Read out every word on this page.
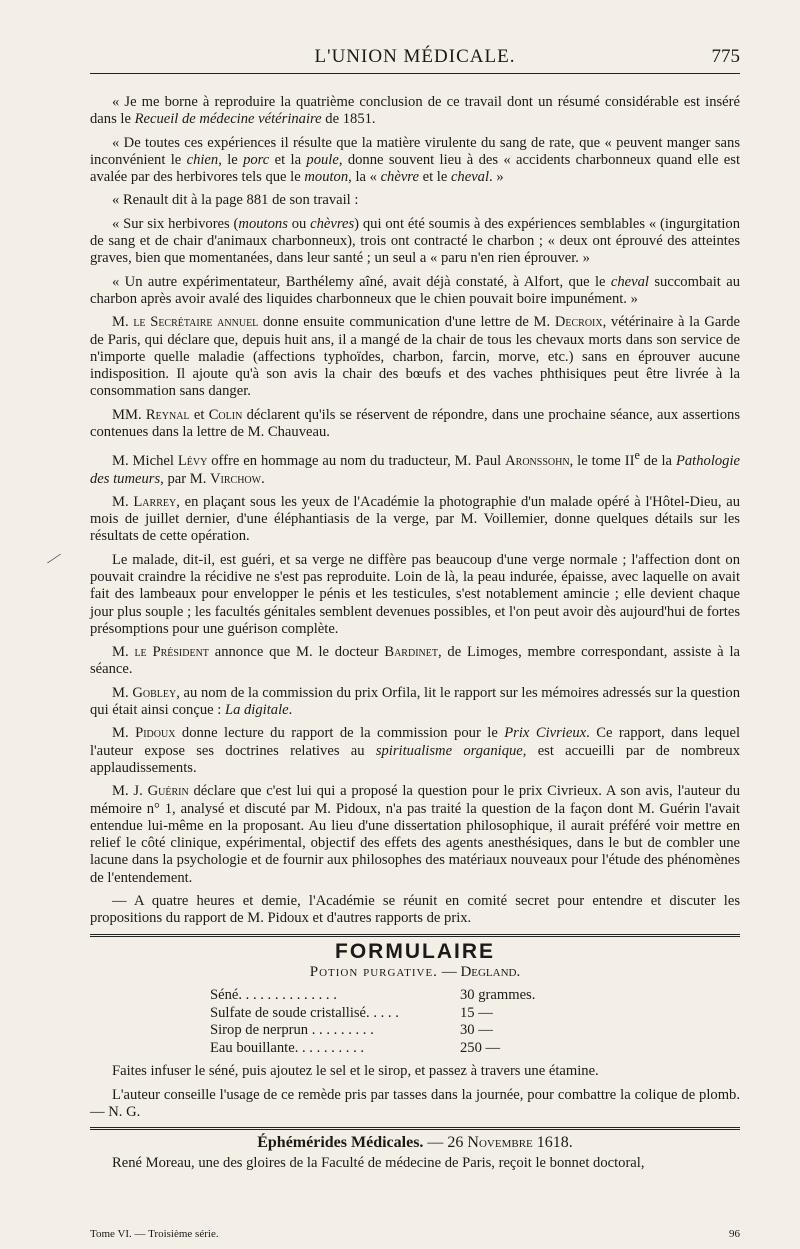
L'UNION MÉDICALE.	775
⁄

« Je me borne à reproduire la quatrième conclusion de ce travail dont un résumé considérable est inséré dans le Recueil de médecine vétérinaire de 1851.

« De toutes ces expériences il résulte que la matière virulente du sang de rate, que « peuvent manger sans inconvénient le chien, le porc et la poule, donne souvent lieu à des « accidents charbonneux quand elle est avalée par des herbivores tels que le mouton, la « chèvre et le cheval. »

« Renault dit à la page 881 de son travail :

« Sur six herbivores (moutons ou chèvres) qui ont été soumis à des expériences semblables « (ingurgitation de sang et de chair d'animaux charbonneux), trois ont contracté le charbon ; « deux ont éprouvé des atteintes graves, bien que momentanées, dans leur santé ; un seul a « paru n'en rien éprouver. »

« Un autre expérimentateur, Barthélemy aîné, avait déjà constaté, à Alfort, que le cheval succombait au charbon après avoir avalé des liquides charbonneux que le chien pouvait boire impunément. »

M. le Secrétaire annuel donne ensuite communication d'une lettre de M. Decroix, vétérinaire à la Garde de Paris, qui déclare que, depuis huit ans, il a mangé de la chair de tous les chevaux morts dans son service de n'importe quelle maladie (affections typhoïdes, charbon, farcin, morve, etc.) sans en éprouver aucune indisposition. Il ajoute qu'à son avis la chair des bœufs et des vaches phthisiques peut être livrée à la consommation sans danger.

MM. Reynal et Colin déclarent qu'ils se réservent de répondre, dans une prochaine séance, aux assertions contenues dans la lettre de M. Chauveau.

M. Michel Lévy offre en hommage au nom du traducteur, M. Paul Aronssohn, le tome IIe de la Pathologie des tumeurs, par M. Virchow.

M. Larrey, en plaçant sous les yeux de l'Académie la photographie d'un malade opéré à l'Hôtel-Dieu, au mois de juillet dernier, d'une éléphantiasis de la verge, par M. Voillemier, donne quelques détails sur les résultats de cette opération.

Le malade, dit-il, est guéri, et sa verge ne diffère pas beaucoup d'une verge normale ; l'affection dont on pouvait craindre la récidive ne s'est pas reproduite. Loin de là, la peau indurée, épaisse, avec laquelle on avait fait des lambeaux pour envelopper le pénis et les testicules, s'est notablement amincie ; elle devient chaque jour plus souple ; les facultés génitales semblent devenues possibles, et l'on peut avoir dès aujourd'hui de fortes présomptions pour une guérison complète.

M. le Président annonce que M. le docteur Bardinet, de Limoges, membre correspondant, assiste à la séance.

M. Gobley, au nom de la commission du prix Orfila, lit le rapport sur les mémoires adressés sur la question qui était ainsi conçue : La digitale.

M. Pidoux donne lecture du rapport de la commission pour le Prix Civrieux. Ce rapport, dans lequel l'auteur expose ses doctrines relatives au spiritualisme organique, est accueilli par de nombreux applaudissements.

M. J. Guérin déclare que c'est lui qui a proposé la question pour le prix Civrieux. A son avis, l'auteur du mémoire n° 1, analysé et discuté par M. Pidoux, n'a pas traité la question de la façon dont M. Guérin l'avait entendue lui-même en la proposant. Au lieu d'une dissertation philosophique, il aurait préféré voir mettre en relief le côté clinique, expérimental, objectif des effets des agents anesthésiques, dans le but de combler une lacune dans la psychologie et de fournir aux philosophes des matériaux nouveaux pour l'étude des phénomènes de l'entendement.

— A quatre heures et demie, l'Académie se réunit en comité secret pour entendre et discuter les propositions du rapport de M. Pidoux et d'autres rapports de prix.

FORMULAIRE
Potion purgative. — Degland.
Séné. . . . . . . . . . . . . .	30 grammes.
Sulfate de soude cristallisé. . . . .	15 —
Sirop de nerprun . . . . . . . . .	30 —
Eau bouillante. . . . . . . . . .	250 —

Faites infuser le séné, puis ajoutez le sel et le sirop, et passez à travers une étamine.

L'auteur conseille l'usage de ce remède pris par tasses dans la journée, pour combattre la colique de plomb. — N. G.

Éphémérides Médicales. — 26 Novembre 1618.

René Moreau, une des gloires de la Faculté de médecine de Paris, reçoit le bonnet doctoral,

Tome VI. — Troisième série.	96
